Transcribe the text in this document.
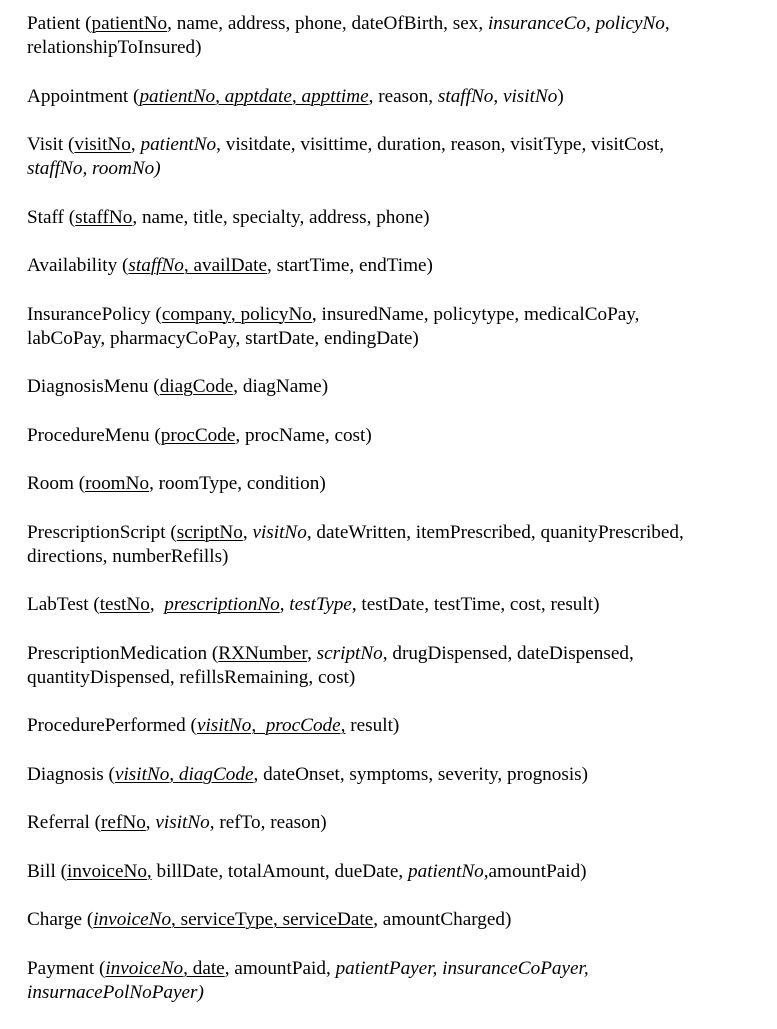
Patient (patientNo, name, address, phone, dateOfBirth, sex, insuranceCo, policyNo,
relationshipToInsured)

Appointment (patientNo, apptdate, appttime, reason, staffNo, visitNo)

Visit (visitNo, patientNo, visitdate, visittime, duration, reason, visitType, visitCost,
staffNo, roomNo)

Staff (staffNo, name, title, specialty, address, phone)

Availability (staffNo, availDate, startTime, endTime)

InsurancePolicy (company, policyNo, insuredName, policytype, medicalCoPay,
labCoPay, pharmacyCoPay, startDate, endingDate)

DiagnosisMenu (diagCode, diagName)

ProcedureMenu (procCode, procName, cost)

Room (roomNo, roomType, condition)

PrescriptionScript (scriptNo, visitNo, dateWritten, itemPrescribed, quanityPrescribed,
directions, numberRefills)

LabTest (testNo,  prescriptionNo, testType, testDate, testTime, cost, result)

PrescriptionMedication (RXNumber, scriptNo, drugDispensed, dateDispensed,
quantityDispensed, refillsRemaining, cost)

ProcedurePerformed (visitNo,  procCode, result)

Diagnosis (visitNo, diagCode, dateOnset, symptoms, severity, prognosis)

Referral (refNo, visitNo, refTo, reason)

Bill (invoiceNo, billDate, totalAmount, dueDate, patientNo,amountPaid)

Charge (invoiceNo, serviceType, serviceDate, amountCharged)

Payment (invoiceNo, date, amountPaid, patientPayer, insuranceCoPayer,
insurnacePolNoPayer)
